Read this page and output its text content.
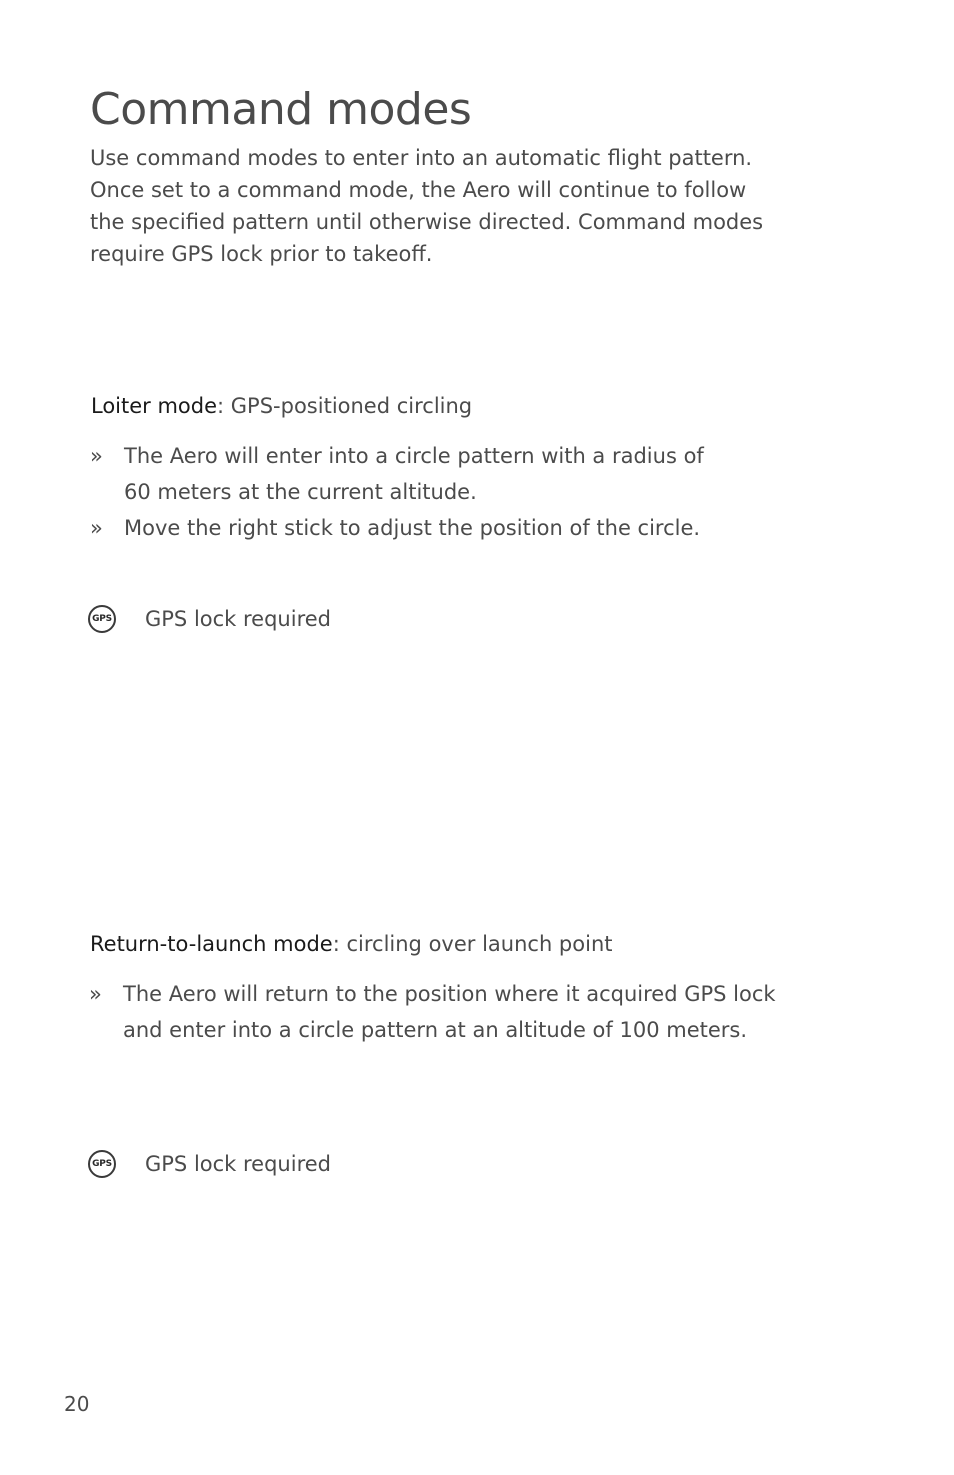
Command modes

Use command modes to enter into an automatic flight pattern.
Once set to a command mode, the Aero will continue to follow
the specified pattern until otherwise directed. Command modes
require GPS lock prior to takeoff.

Loiter mode: GPS-positioned circling
» The Aero will enter into a circle pattern with a radius of
60 meters at the current altitude.
» Move the right stick to adjust the position of the circle.
GPS GPS lock required
Return-to-launch mode: circling over launch point
» The Aero will return to the position where it acquired GPS lock
and enter into a circle pattern at an altitude of 100 meters.
GPS GPS lock required
20
